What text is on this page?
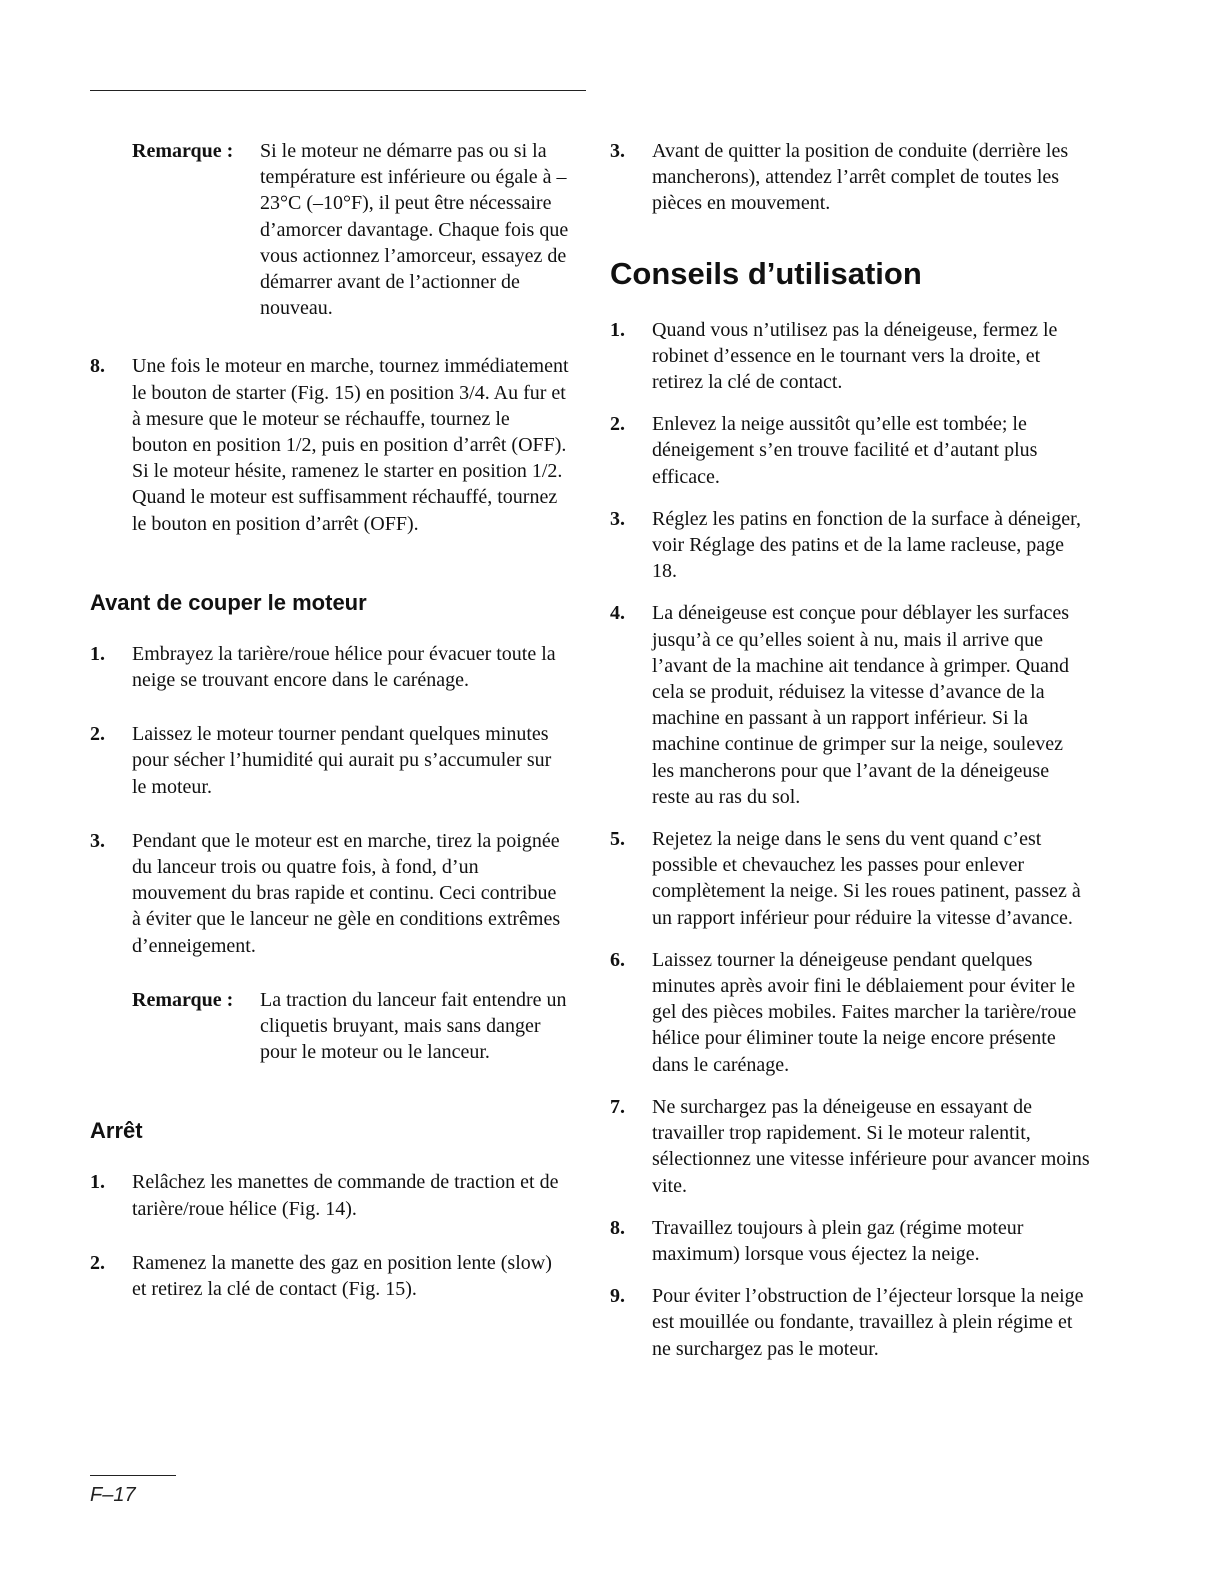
Remarque :	Si le moteur ne démarre pas ou si la température est inférieure ou égale à –23°C (–10°F), il peut être nécessaire d’amorcer davantage. Chaque fois que vous actionnez l’amorceur, essayez de démarrer avant de l’actionner de nouveau.
8.	Une fois le moteur en marche, tournez immédiatement le bouton de starter (Fig. 15) en position 3/4. Au fur et à mesure que le moteur se réchauffe, tournez le bouton en position 1/2, puis en position d’arrêt (OFF). Si le moteur hésite, ramenez le starter en position 1/2. Quand le moteur est suffisamment réchauffé, tournez le bouton en position d’arrêt (OFF).
Avant de couper le moteur
1.	Embrayez la tarière/roue hélice pour évacuer toute la neige se trouvant encore dans le carénage.
2.	Laissez le moteur tourner pendant quelques minutes pour sécher l’humidité qui aurait pu s’accumuler sur le moteur.
3.	Pendant que le moteur est en marche, tirez la poignée du lanceur trois ou quatre fois, à fond, d’un mouvement du bras rapide et continu. Ceci contribue à éviter que le lanceur ne gèle en conditions extrêmes d’enneigement.
Remarque :	La traction du lanceur fait entendre un cliquetis bruyant, mais sans danger pour le moteur ou le lanceur.
Arrêt
1.	Relâchez les manettes de commande de traction et de tarière/roue hélice (Fig. 14).
2.	Ramenez la manette des gaz en position lente (slow) et retirez la clé de contact (Fig. 15).
3.	Avant de quitter la position de conduite (derrière les mancherons), attendez l’arrêt complet de toutes les pièces en mouvement.
Conseils d’utilisation
1.	Quand vous n’utilisez pas la déneigeuse, fermez le robinet d’essence en le tournant vers la droite, et retirez la clé de contact.
2.	Enlevez la neige aussitôt qu’elle est tombée; le déneigement s’en trouve facilité et d’autant plus efficace.
3.	Réglez les patins en fonction de la surface à déneiger, voir Réglage des patins et de la lame racleuse, page 18.
4.	La déneigeuse est conçue pour déblayer les surfaces jusqu’à ce qu’elles soient à nu, mais il arrive que l’avant de la machine ait tendance à grimper. Quand cela se produit, réduisez la vitesse d’avance de la machine en passant à un rapport inférieur. Si la machine continue de grimper sur la neige, soulevez les mancherons pour que l’avant de la déneigeuse reste au ras du sol.
5.	Rejetez la neige dans le sens du vent quand c’est possible et chevauchez les passes pour enlever complètement la neige. Si les roues patinent, passez à un rapport inférieur pour réduire la vitesse d’avance.
6.	Laissez tourner la déneigeuse pendant quelques minutes après avoir fini le déblaiement pour éviter le gel des pièces mobiles. Faites marcher la tarière/roue hélice pour éliminer toute la neige encore présente dans le carénage.
7.	Ne surchargez pas la déneigeuse en essayant de travailler trop rapidement. Si le moteur ralentit, sélectionnez une vitesse inférieure pour avancer moins vite.
8.	Travaillez toujours à plein gaz (régime moteur maximum) lorsque vous éjectez la neige.
9.	Pour éviter l’obstruction de l’éjecteur lorsque la neige est mouillée ou fondante, travaillez à plein régime et ne surchargez pas le moteur.
F–17
